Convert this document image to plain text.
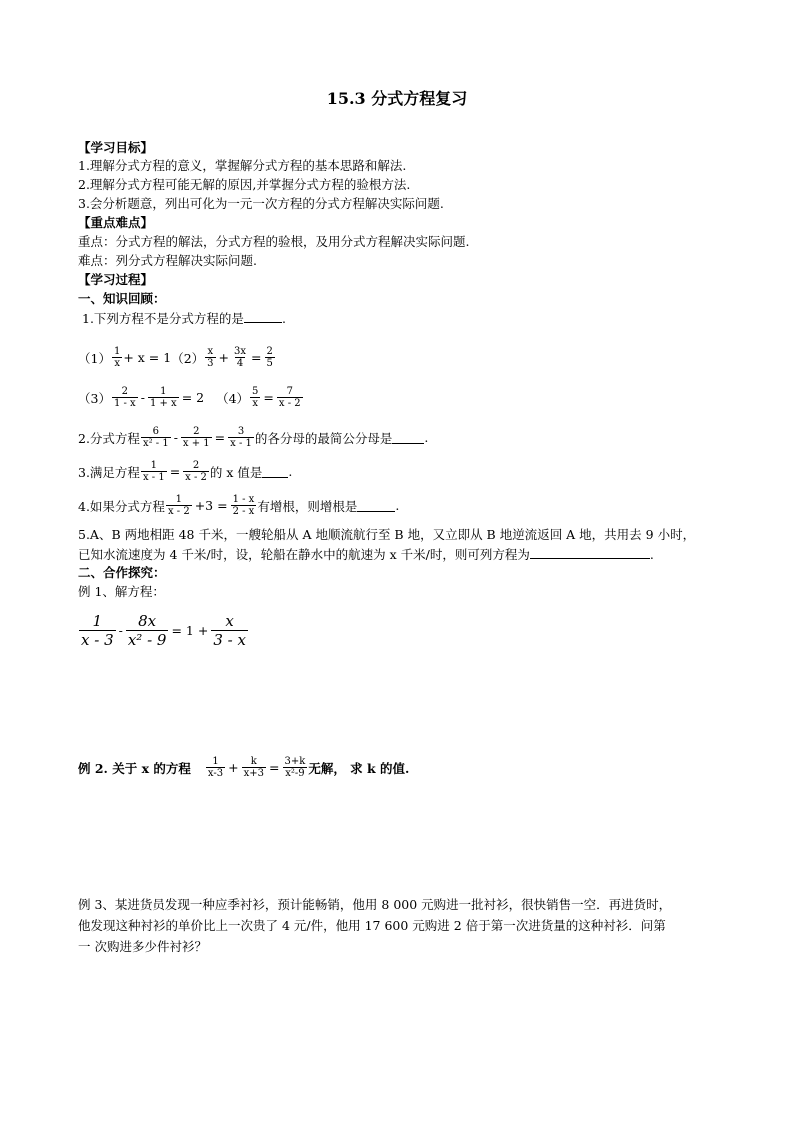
15.3 分式方程复习
【学习目标】
1.理解分式方程的意义，掌握解分式方程的基本思路和解法.
2.理解分式方程可能无解的原因,并掌握分式方程的验根方法.
3.会分析题意，列出可化为一元一次方程的分式方程解决实际问题.
【重点难点】
重点：分式方程的解法，分式方程的验根，及用分式方程解决实际问题.
难点：列分式方程解决实际问题.
【学习过程】
一、知识回顾：
1.下列方程不是分式方程的是	.
$(1) \frac{1}{x} + x = 1$ $(2) \frac{x}{3} + \frac{3x}{4} = \frac{2}{5}$
$(3) \frac{2}{1 - x} - \frac{1}{1 + x} = 2$ $(4) \frac{5}{x} = \frac{7}{x - 2}$
2.分式方程 $\frac{6}{\text{x² - 1}} - \frac{2}{x + 1} = \frac{3}{x - 1}$ 的各分母的最简公分母是	.
3.满足方程 $\frac{1}{x - 1} = \frac{2}{x - 2}$ 的 x 值是 .
4.如果分式方程 $\frac{1}{x - 2} +3 = \frac{1 - x}{2 - x}$ 有增根，则增根是	.
5.A、B 两地相距 48 千米，一艘轮船从 A 地顺流航行至 B 地，又立即从 B 地逆流返回 A 地，共用去 9 小时，
已知水流速度为 4 千米/时，设，轮船在静水中的航速为 x 千米/时，则可列方程为	.
二、合作探究：
例 1、解方程：
$\frac{1}{x - 3} - \frac{8x}{\text{x² - 9}} = 1 + \frac{x}{3 - x}$
例 2. 关于 x 的方程 $\frac{1}{x-3} + \frac{k}{x+3} = \frac{3+k}{\text{x²-9}}$ 无解， 求 k 的值.
例 3、某进货员发现一种应季衬衫，预计能畅销，他用 8 000 元购进一批衬衫，很快销售一空．再进货时，
他发现这种衬衫的单价比上一次贵了 4 元/件，他用 17 600 元购进 2 倍于第一次进货量的这种衬衫．问第
一 次购进多少件衬衫？
